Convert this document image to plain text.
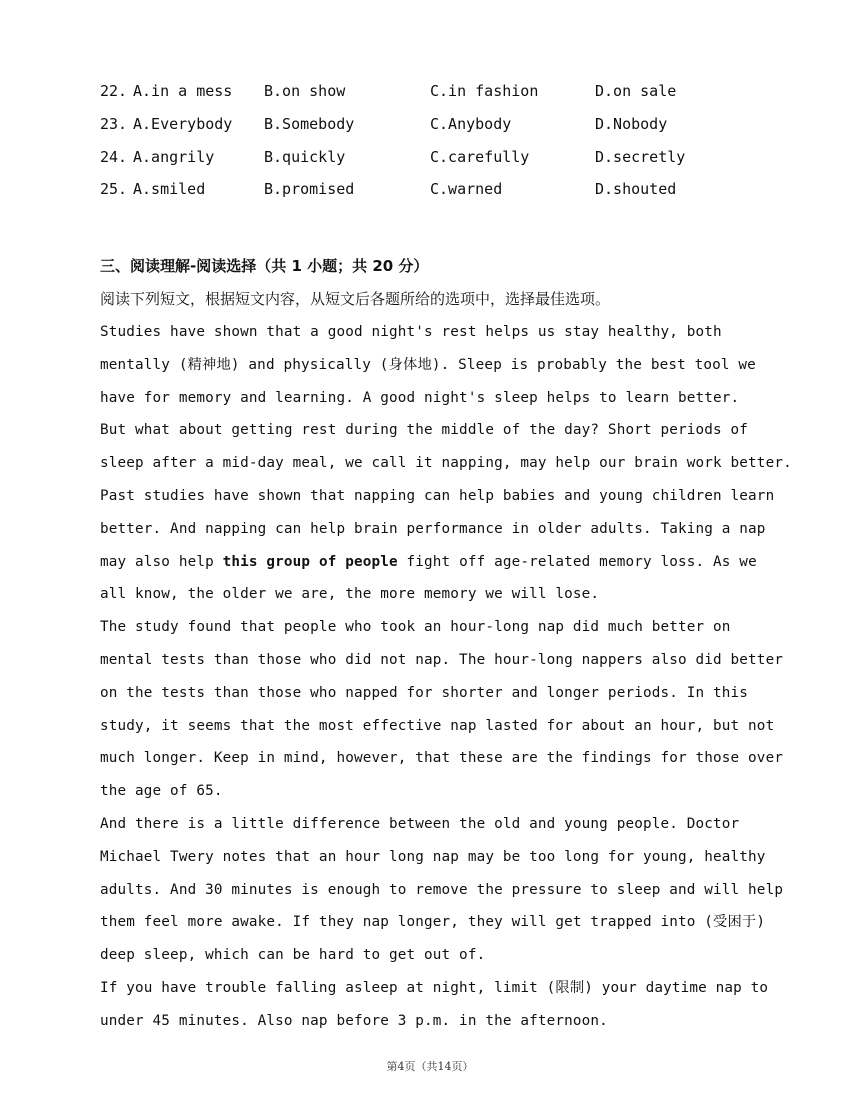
22. A.in a mess B.on show	C.in fashion	D.on sale
23. A.Everybody B.Somebody	C.Anybody	D.Nobody
24. A.angrily	B.quickly	C.carefully	D.secretly
25. A.smiled	B.promised	C.warned	D.shouted
三、阅读理解-阅读选择（共 1 小题；共 20 分）
阅读下列短文，根据短文内容，从短文后各题所给的选项中，选择最佳选项。
Studies have shown that a good night's rest helps us stay healthy, both
mentally (精神地) and physically (身体地). Sleep is probably the best tool we
have for memory and learning. A good night's sleep helps to learn better.
But what about getting rest during the middle of the day? Short periods of
sleep after a mid-day meal, we call it napping, may help our brain work better.
Past studies have shown that napping can help babies and young children learn
better. And napping can help brain performance in older adults. Taking a nap
may also help this group of people fight off age-related memory loss. As we
all know, the older we are, the more memory we will lose.
The study found that people who took an hour-long nap did much better on
mental tests than those who did not nap. The hour-long nappers also did better
on the tests than those who napped for shorter and longer periods. In this
study, it seems that the most effective nap lasted for about an hour, but not
much longer. Keep in mind, however, that these are the findings for those over
the age of 65.
And there is a little difference between the old and young people. Doctor
Michael Twery notes that an hour long nap may be too long for young, healthy
adults. And 30 minutes is enough to remove the pressure to sleep and will help
them feel more awake. If they nap longer, they will get trapped into (受困于)
deep sleep, which can be hard to get out of.
If you have trouble falling asleep at night, limit (限制) your daytime nap to
under 45 minutes. Also nap before 3 p.m. in the afternoon.
第4页（共14页）
